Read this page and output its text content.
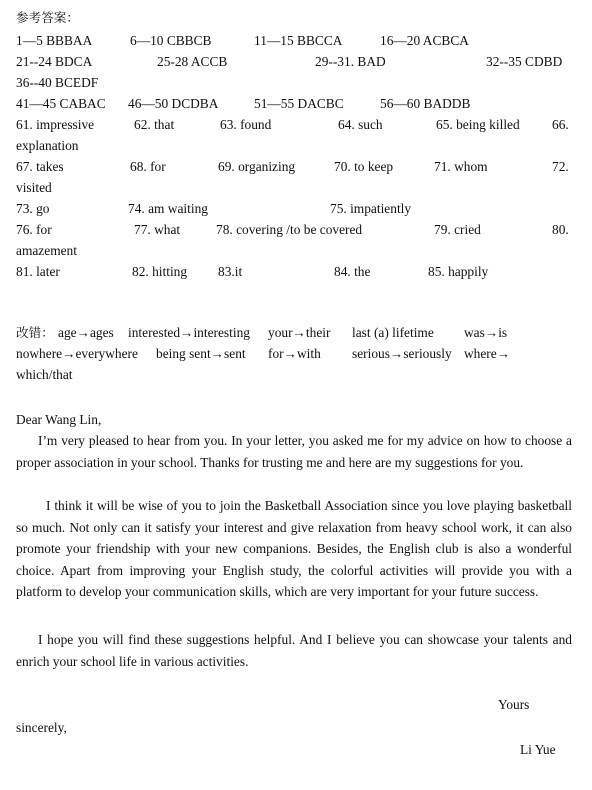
参考答案：
1—5 BBBAA	6—10 CBBCB	11—15 BBCCA	16—20 ACBCA
21--24 BDCA	25-28 ACCB	29--31. BAD	32--35 CDBD
36--40 BCEDF
41—45 CABAC 46—50 DCDBA	51—55 DACBC	56—60 BADDB
61. impressive	62. that	63. found	64. such	65. being killed 66.
explanation
67. takes	68. for	69. organizing	70. to keep	71. whom	72.
visited
73. go	74. am waiting	75. impatiently
76. for	77. what	78. covering /to be covered	79. cried	80.
amazement
81. later	82. hitting 83.it	84. the	85. happily
改错： age→ages interested→interesting your→their last (a) lifetime was→is
nowhere→everywhere being sent→sent for→with serious→seriously where→
which/that
Dear Wang Lin,

I’m very pleased to hear from you. In your letter, you asked me for my advice on how to choose a proper association in your school. Thanks for trusting me and here are my suggestions for you.

I think it will be wise of you to join the Basketball Association since you love playing basketball so much. Not only can it satisfy your interest and give relaxation from heavy school work, it can also promote your friendship with your new companions. Besides, the English club is also a wonderful choice. Apart from improving your English study, the colorful activities will provide you with a platform to develop your communication skills, which are very important for your future success.

I hope you will find these suggestions helpful. And I believe you can showcase your talents and enrich your school life in various activities.

Yours
sincerely,
Li Yue
